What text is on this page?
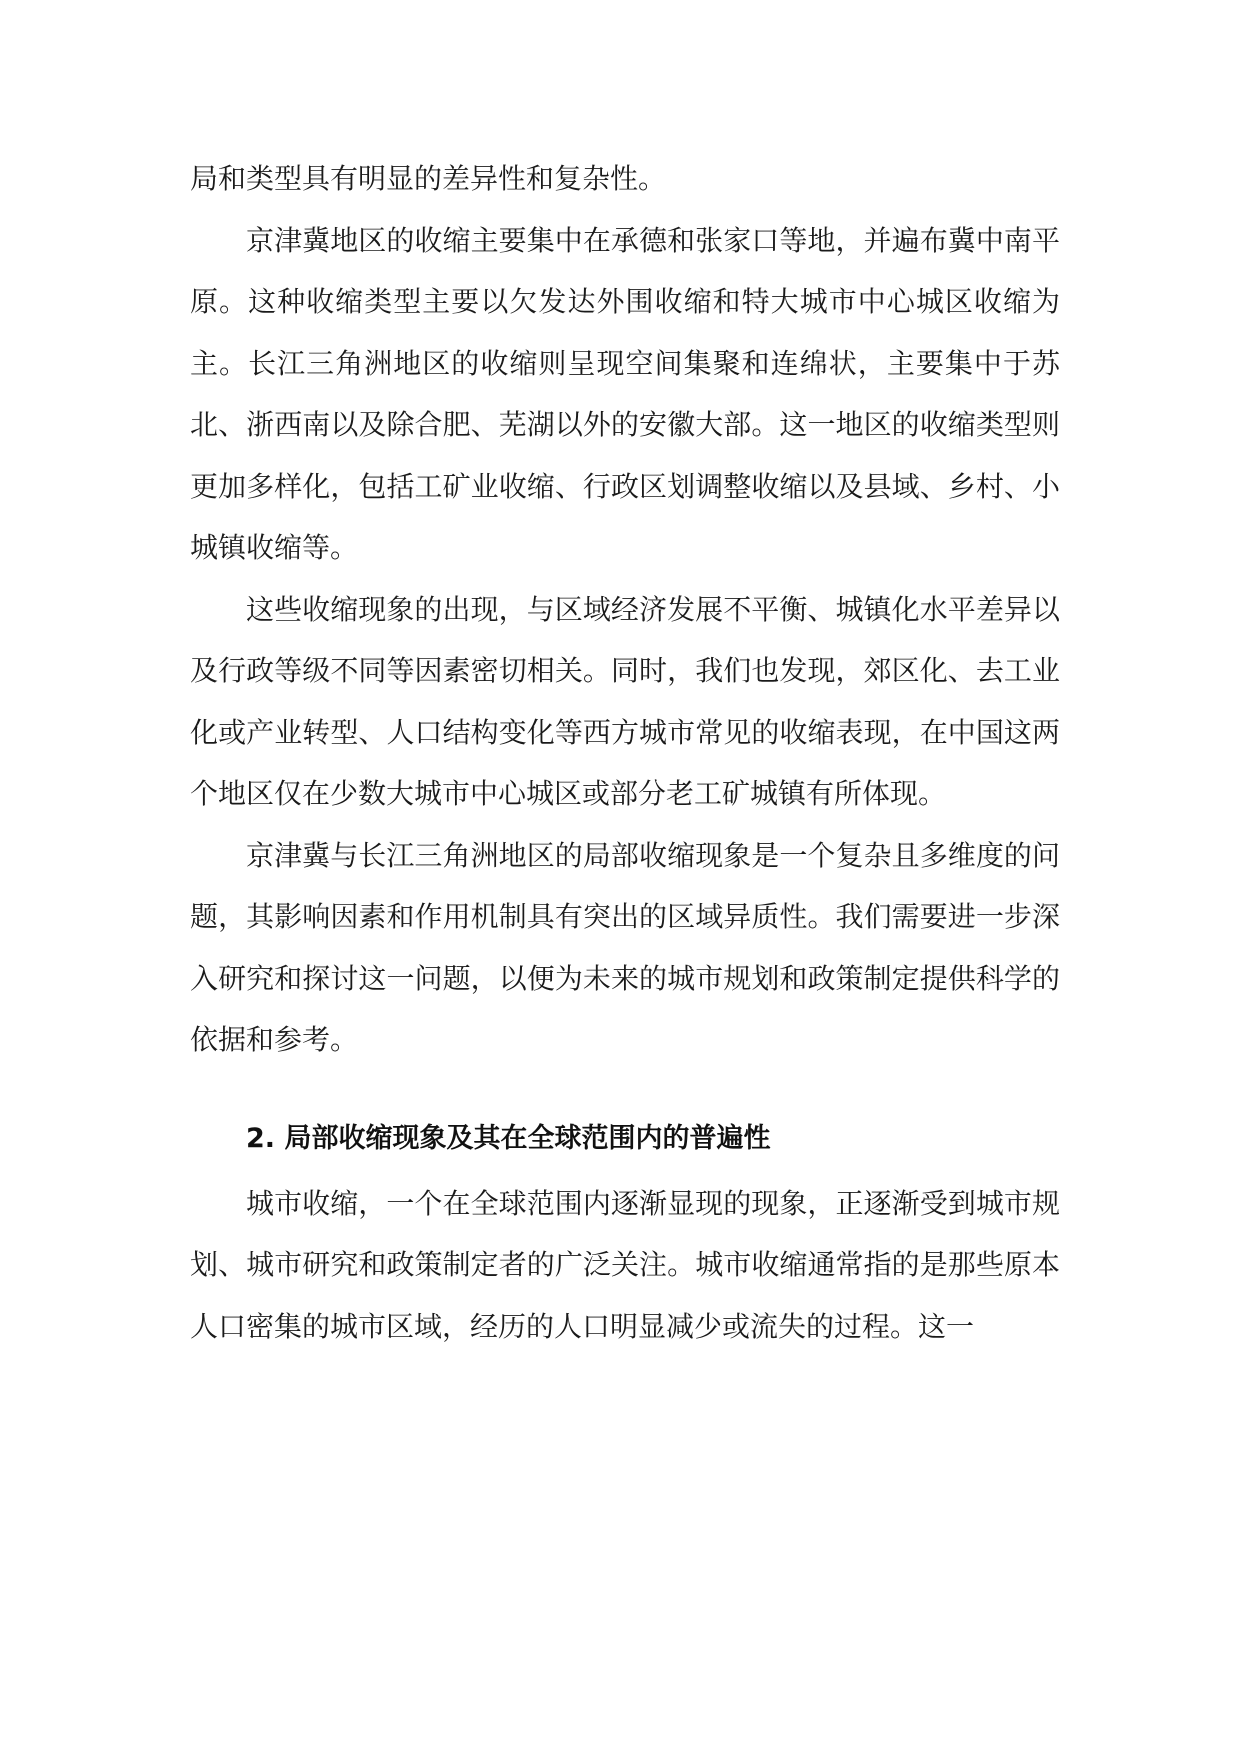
局和类型具有明显的差异性和复杂性。

京津冀地区的收缩主要集中在承德和张家口等地，并遍布冀中南平原。这种收缩类型主要以欠发达外围收缩和特大城市中心城区收缩为主。长江三角洲地区的收缩则呈现空间集聚和连绵状，主要集中于苏北、浙西南以及除合肥、芜湖以外的安徽大部。这一地区的收缩类型则更加多样化，包括工矿业收缩、行政区划调整收缩以及县域、乡村、小城镇收缩等。

这些收缩现象的出现，与区域经济发展不平衡、城镇化水平差异以及行政等级不同等因素密切相关。同时，我们也发现，郊区化、去工业化或产业转型、人口结构变化等西方城市常见的收缩表现，在中国这两个地区仅在少数大城市中心城区或部分老工矿城镇有所体现。

京津冀与长江三角洲地区的局部收缩现象是一个复杂且多维度的问题，其影响因素和作用机制具有突出的区域异质性。我们需要进一步深入研究和探讨这一问题，以便为未来的城市规划和政策制定提供科学的依据和参考。

2. 局部收缩现象及其在全球范围内的普遍性

城市收缩，一个在全球范围内逐渐显现的现象，正逐渐受到城市规划、城市研究和政策制定者的广泛关注。城市收缩通常指的是那些原本人口密集的城市区域，经历的人口明显减少或流失的过程。这一
